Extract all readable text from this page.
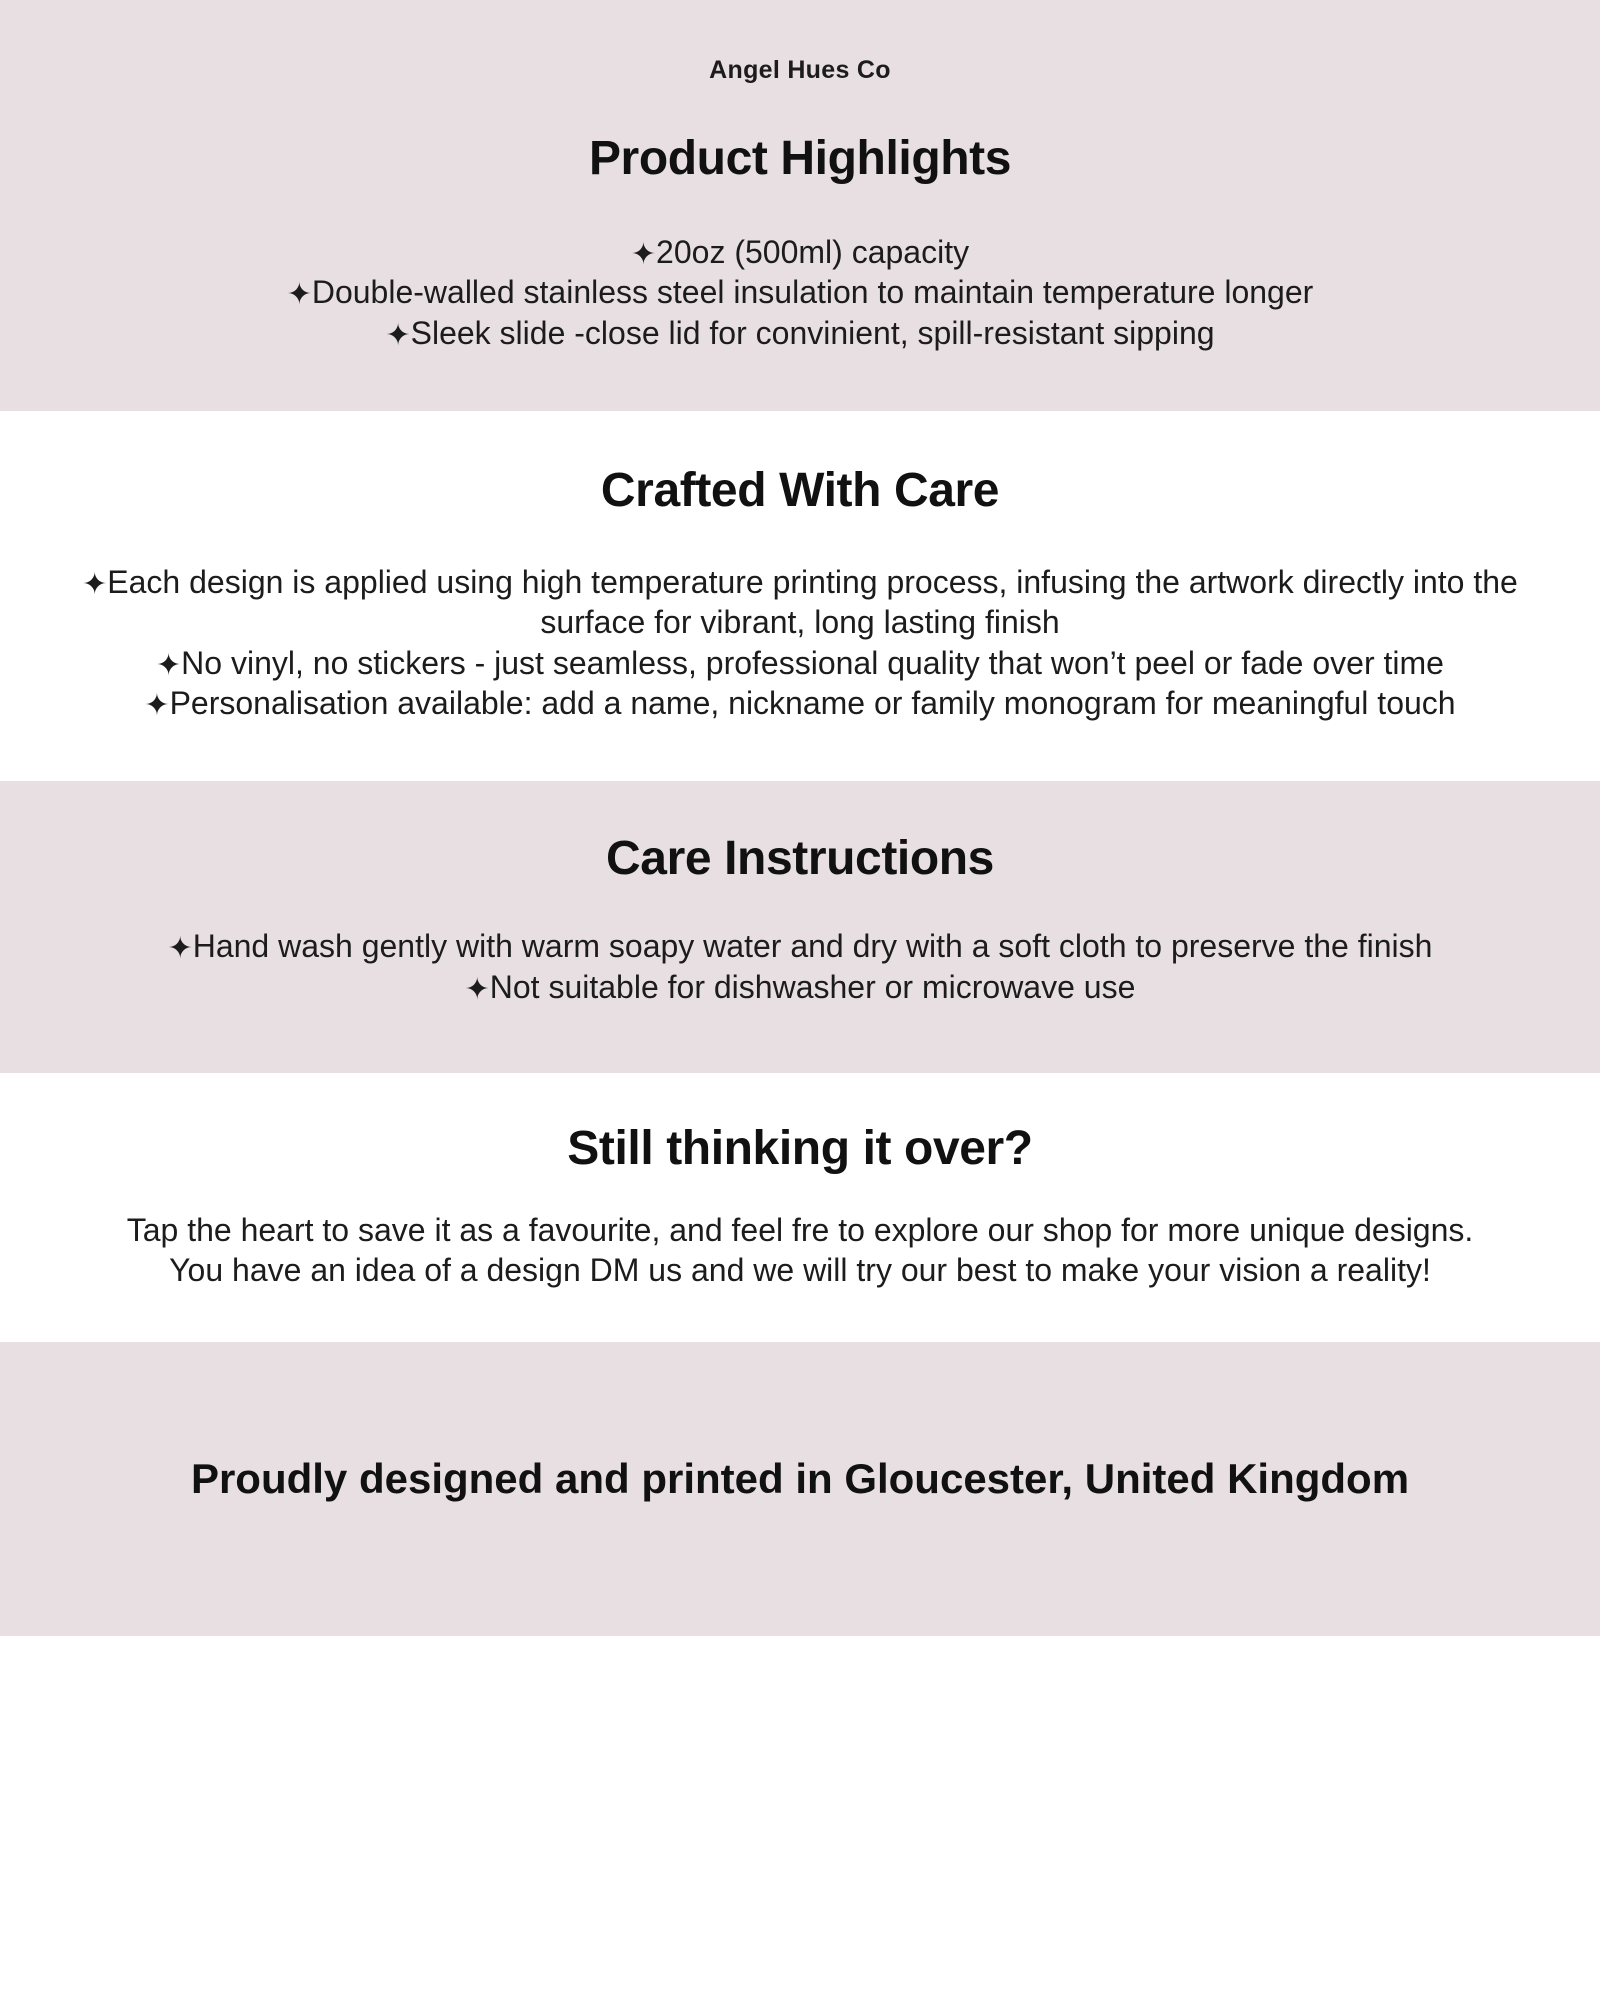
Angel Hues Co
Product Highlights

✦20oz (500ml) capacity
✦Double-walled stainless steel insulation to maintain temperature longer
✦Sleek slide -close lid for convinient, spill-resistant sipping

Crafted With Care

✦Each design is applied using high temperature printing process, infusing the artwork directly into the surface for vibrant, long lasting finish
✦No vinyl, no stickers - just seamless, professional quality that won’t peel or fade over time
✦Personalisation available: add a name, nickname or family monogram for meaningful touch

Care Instructions

✦Hand wash gently with warm soapy water and dry with a soft cloth to preserve the finish
✦Not suitable for dishwasher or microwave use

Still thinking it over?

Tap the heart to save it as a favourite, and feel fre to explore our shop for more unique designs.
You have an idea of a design DM us and we will try our best to make your vision a reality!

Proudly designed and printed in Gloucester, United Kingdom
